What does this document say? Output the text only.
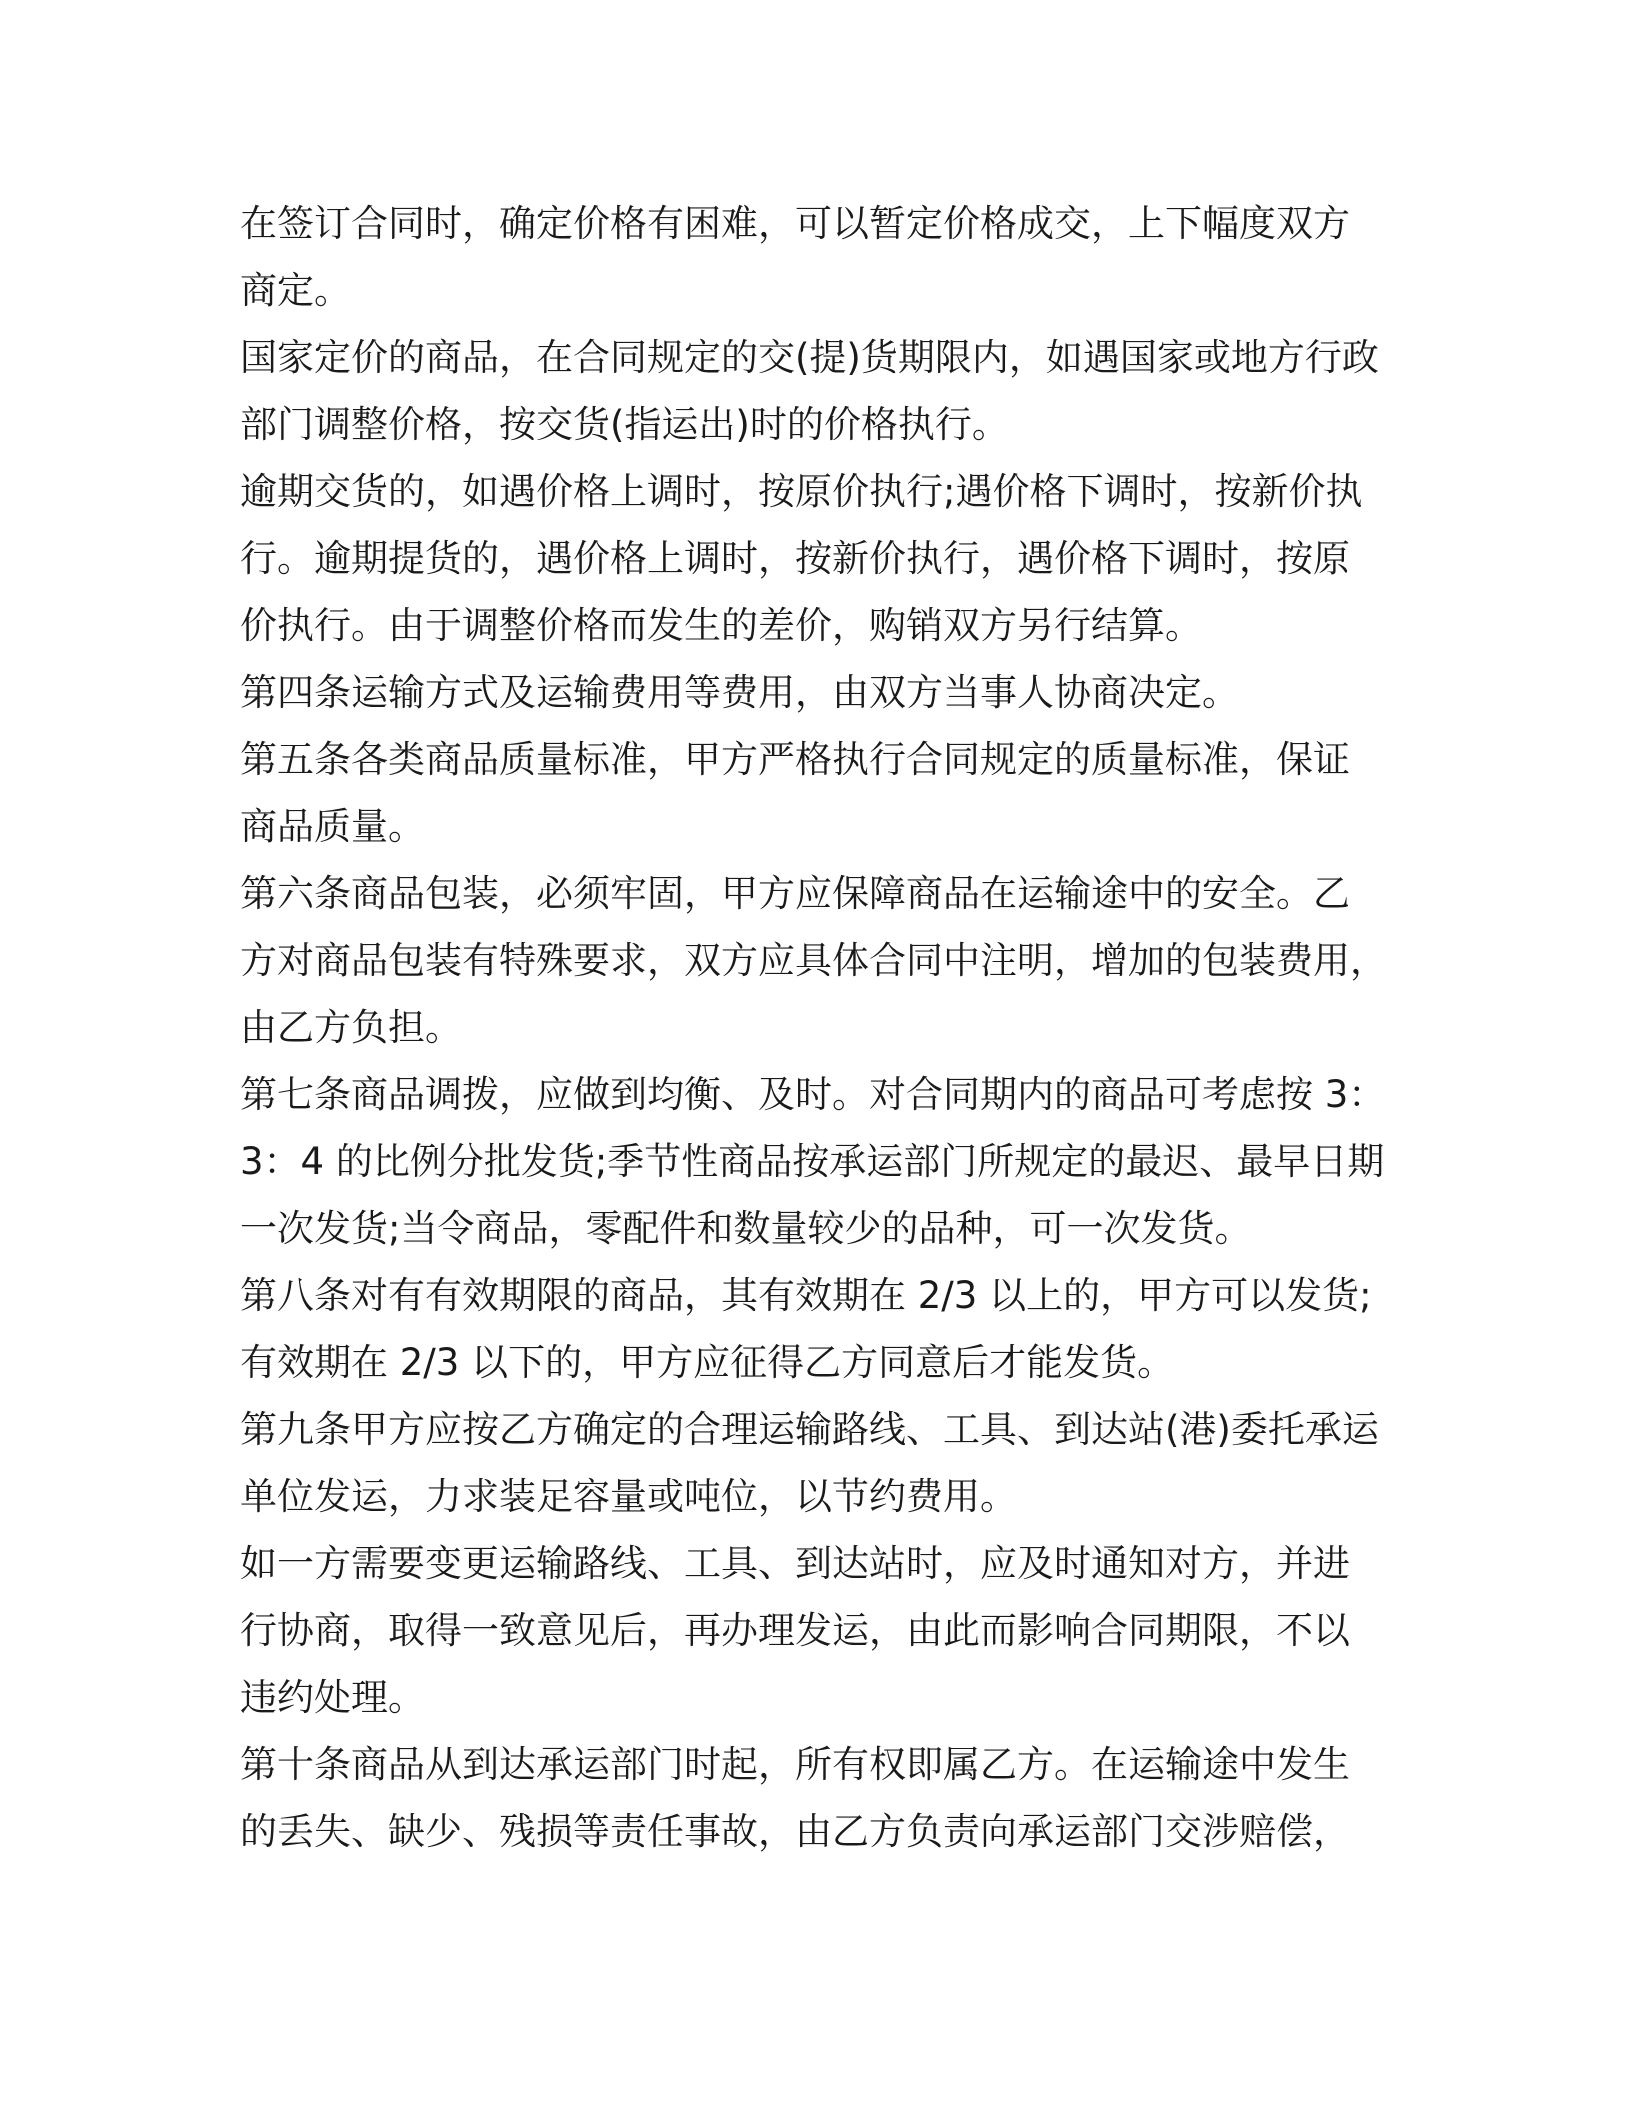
在签订合同时，确定价格有困难，可以暂定价格成交，上下幅度双方
商定。
国家定价的商品，在合同规定的交(提)货期限内，如遇国家或地方行政
部门调整价格，按交货(指运出)时的价格执行。
逾期交货的，如遇价格上调时，按原价执行;遇价格下调时，按新价执
行。逾期提货的，遇价格上调时，按新价执行，遇价格下调时，按原
价执行。由于调整价格而发生的差价，购销双方另行结算。
第四条运输方式及运输费用等费用，由双方当事人协商决定。
第五条各类商品质量标准，甲方严格执行合同规定的质量标准，保证
商品质量。
第六条商品包装，必须牢固，甲方应保障商品在运输途中的安全。乙
方对商品包装有特殊要求，双方应具体合同中注明，增加的包装费用，
由乙方负担。
第七条商品调拨，应做到均衡、及时。对合同期内的商品可考虑按 3：
3：4 的比例分批发货;季节性商品按承运部门所规定的最迟、最早日期
一次发货;当令商品，零配件和数量较少的品种，可一次发货。
第八条对有有效期限的商品，其有效期在 2/3 以上的，甲方可以发货;
有效期在 2/3 以下的，甲方应征得乙方同意后才能发货。
第九条甲方应按乙方确定的合理运输路线、工具、到达站(港)委托承运
单位发运，力求装足容量或吨位，以节约费用。
如一方需要变更运输路线、工具、到达站时，应及时通知对方，并进
行协商，取得一致意见后，再办理发运，由此而影响合同期限，不以
违约处理。
第十条商品从到达承运部门时起，所有权即属乙方。在运输途中发生
的丢失、缺少、残损等责任事故，由乙方负责向承运部门交涉赔偿，
